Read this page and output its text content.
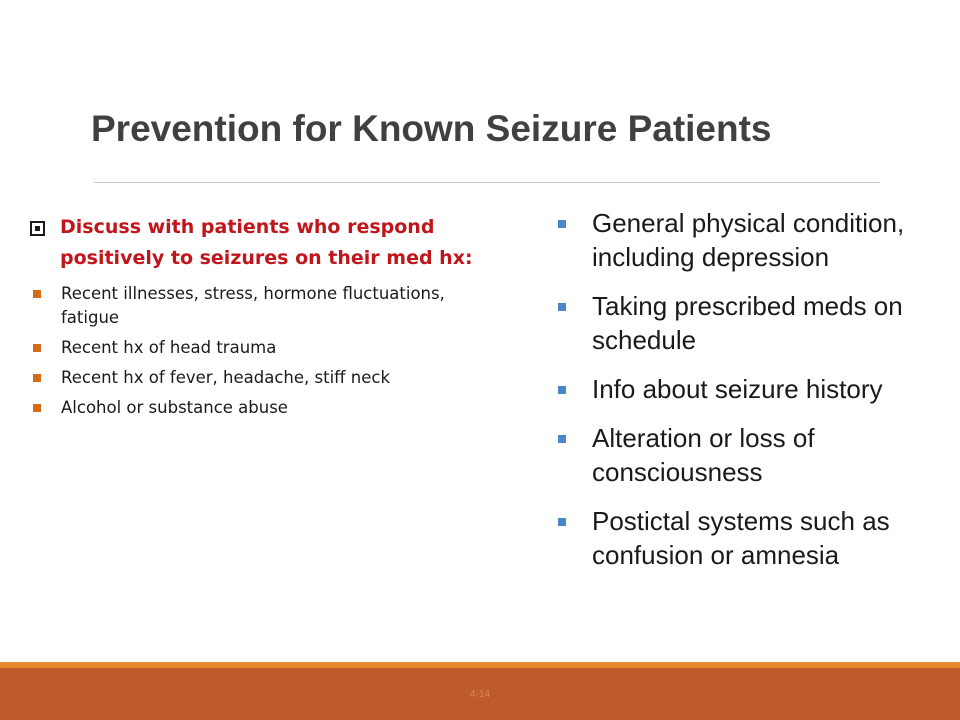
Prevention for Known Seizure Patients
Discuss with patients who respond positively to seizures on their med hx:
Recent illnesses, stress, hormone fluctuations, fatigue
Recent hx of head trauma
Recent hx of fever, headache, stiff neck
Alcohol or substance abuse
General physical condition, including depression
Taking prescribed meds on schedule
Info about seizure history
Alteration or loss of consciousness
Postictal systems such as confusion or amnesia
4-14
